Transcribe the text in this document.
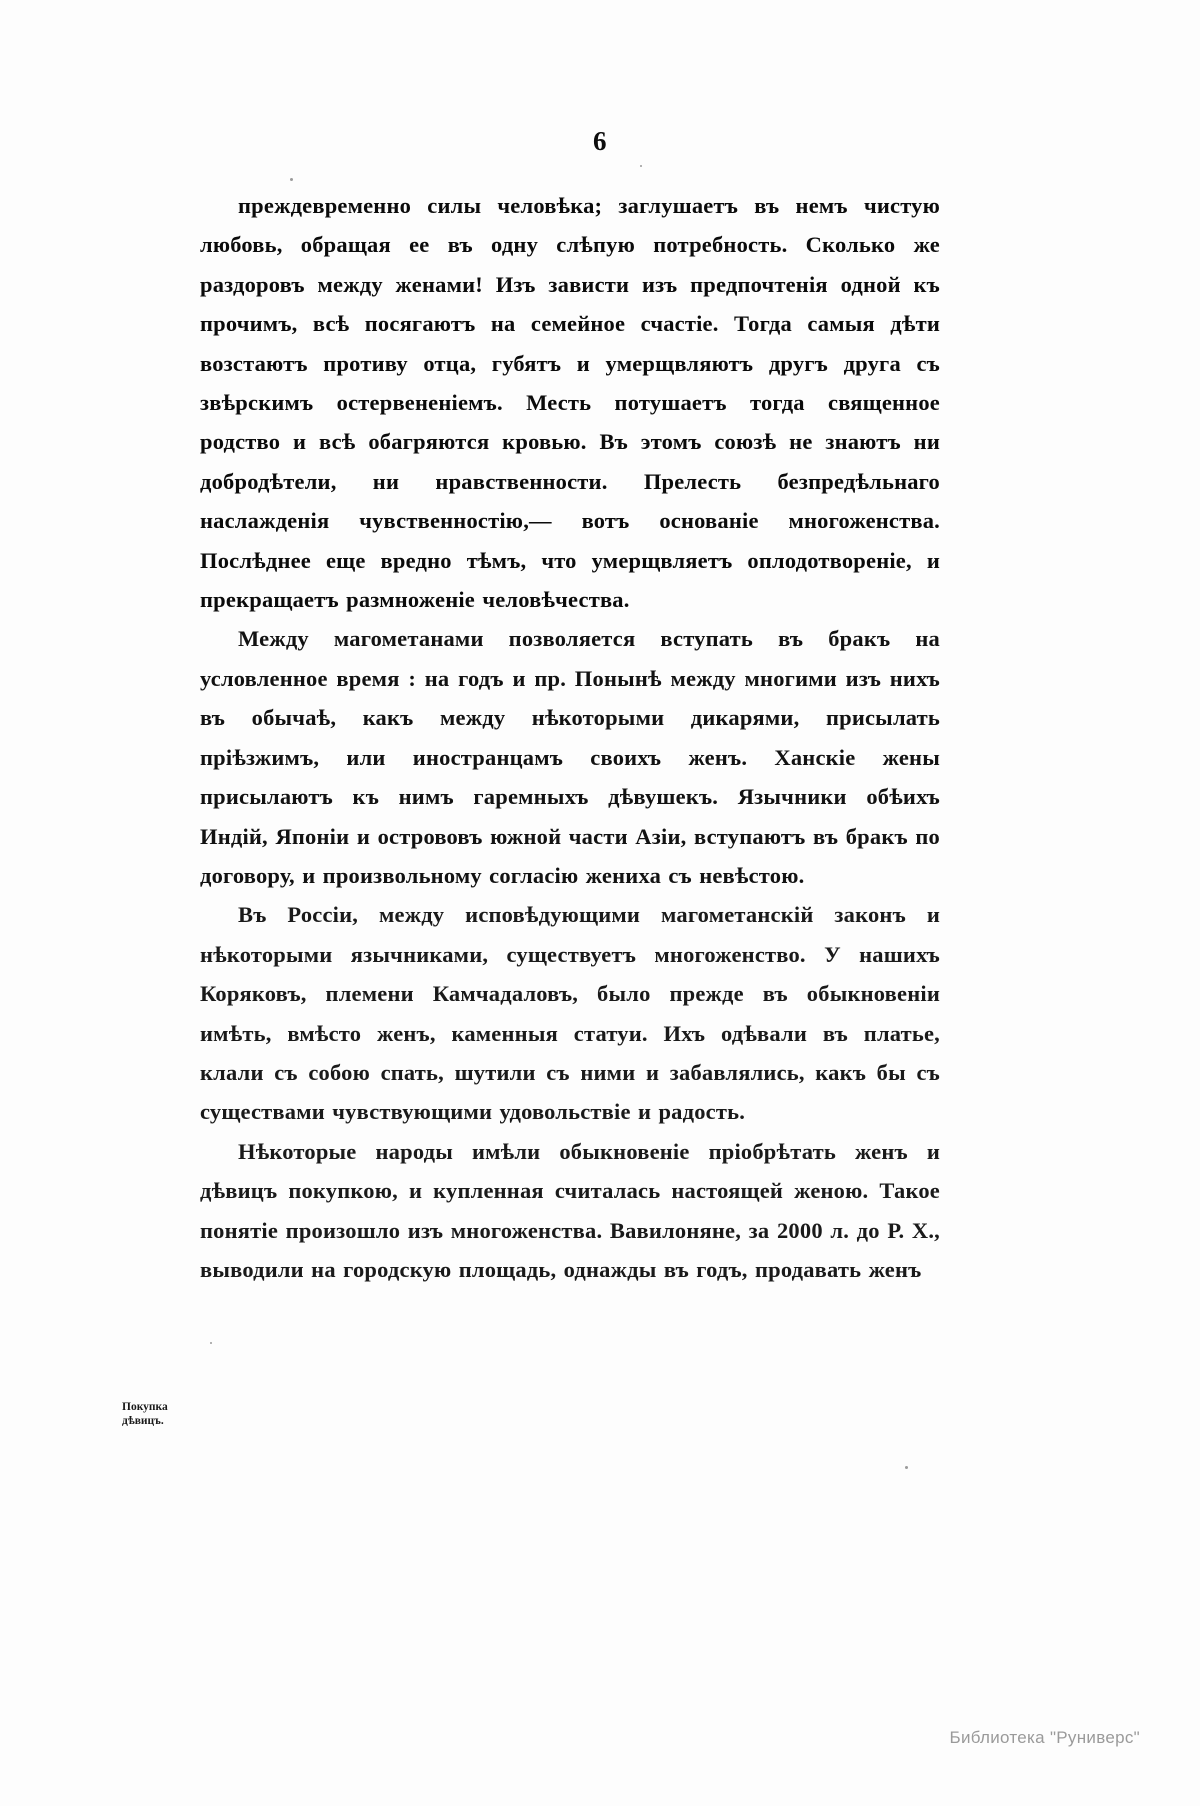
6

преждевременно силы человѣка; заглушаетъ въ немъ чистую любовь, обращая ее въ одну слѣпую потребность. Сколько же раздоровъ между женами! Изъ зависти изъ предпочтенія одной къ прочимъ, всѣ посягаютъ на семейное счастіе. Тогда самыя дѣти возстаютъ противу отца, губятъ и умерщвляютъ другъ друга съ звѣрскимъ остервененіемъ. Месть потушаетъ тогда священное родство и всѣ обагряются кровью. Въ этомъ союзѣ не знаютъ ни добродѣтели, ни нравственности. Прелесть безпредѣльнаго наслажденія чувственностію,— вотъ основаніе многоженства. Послѣднее еще вредно тѣмъ, что умерщвляетъ оплодотвореніе, и прекращаетъ размноженіе человѣчества.

Между магометанами позволяется вступать въ бракъ на условленное время : на годъ и пр. Понынѣ между многими изъ нихъ въ обычаѣ, какъ между нѣкоторыми дикарями, присылать пріѣзжимъ, или иностранцамъ своихъ женъ. Ханскіе жены присылаютъ къ нимъ гаремныхъ дѣвушекъ. Язычники обѣихъ Индій, Японіи и острововъ южной части Азіи, вступаютъ въ бракъ по договору, и произвольному согласію жениха съ невѣстою.

Въ Россіи, между исповѣдующими магометанскій законъ и нѣкоторыми язычниками, существуетъ многоженство. У нашихъ Коряковъ, племени Камчадаловъ, было прежде въ обыкновеніи имѣть, вмѣсто женъ, каменныя статуи. Ихъ одѣвали въ платье, клали съ собою спать, шутили съ ними и забавлялись, какъ бы съ существами чувствующими удовольствіе и радость.

Нѣкоторые народы имѣли обыкновеніе пріобрѣтать женъ и дѣвицъ покупкою, и купленная считалась настоящей женою. Такое понятіе произошло изъ многоженства. Вавилоняне, за 2000 л. до Р. Х., выводили на городскую площадь, однажды въ годъ, продавать женъ

Покупка дѣвицъ.
Библиотека "Руниверс"
